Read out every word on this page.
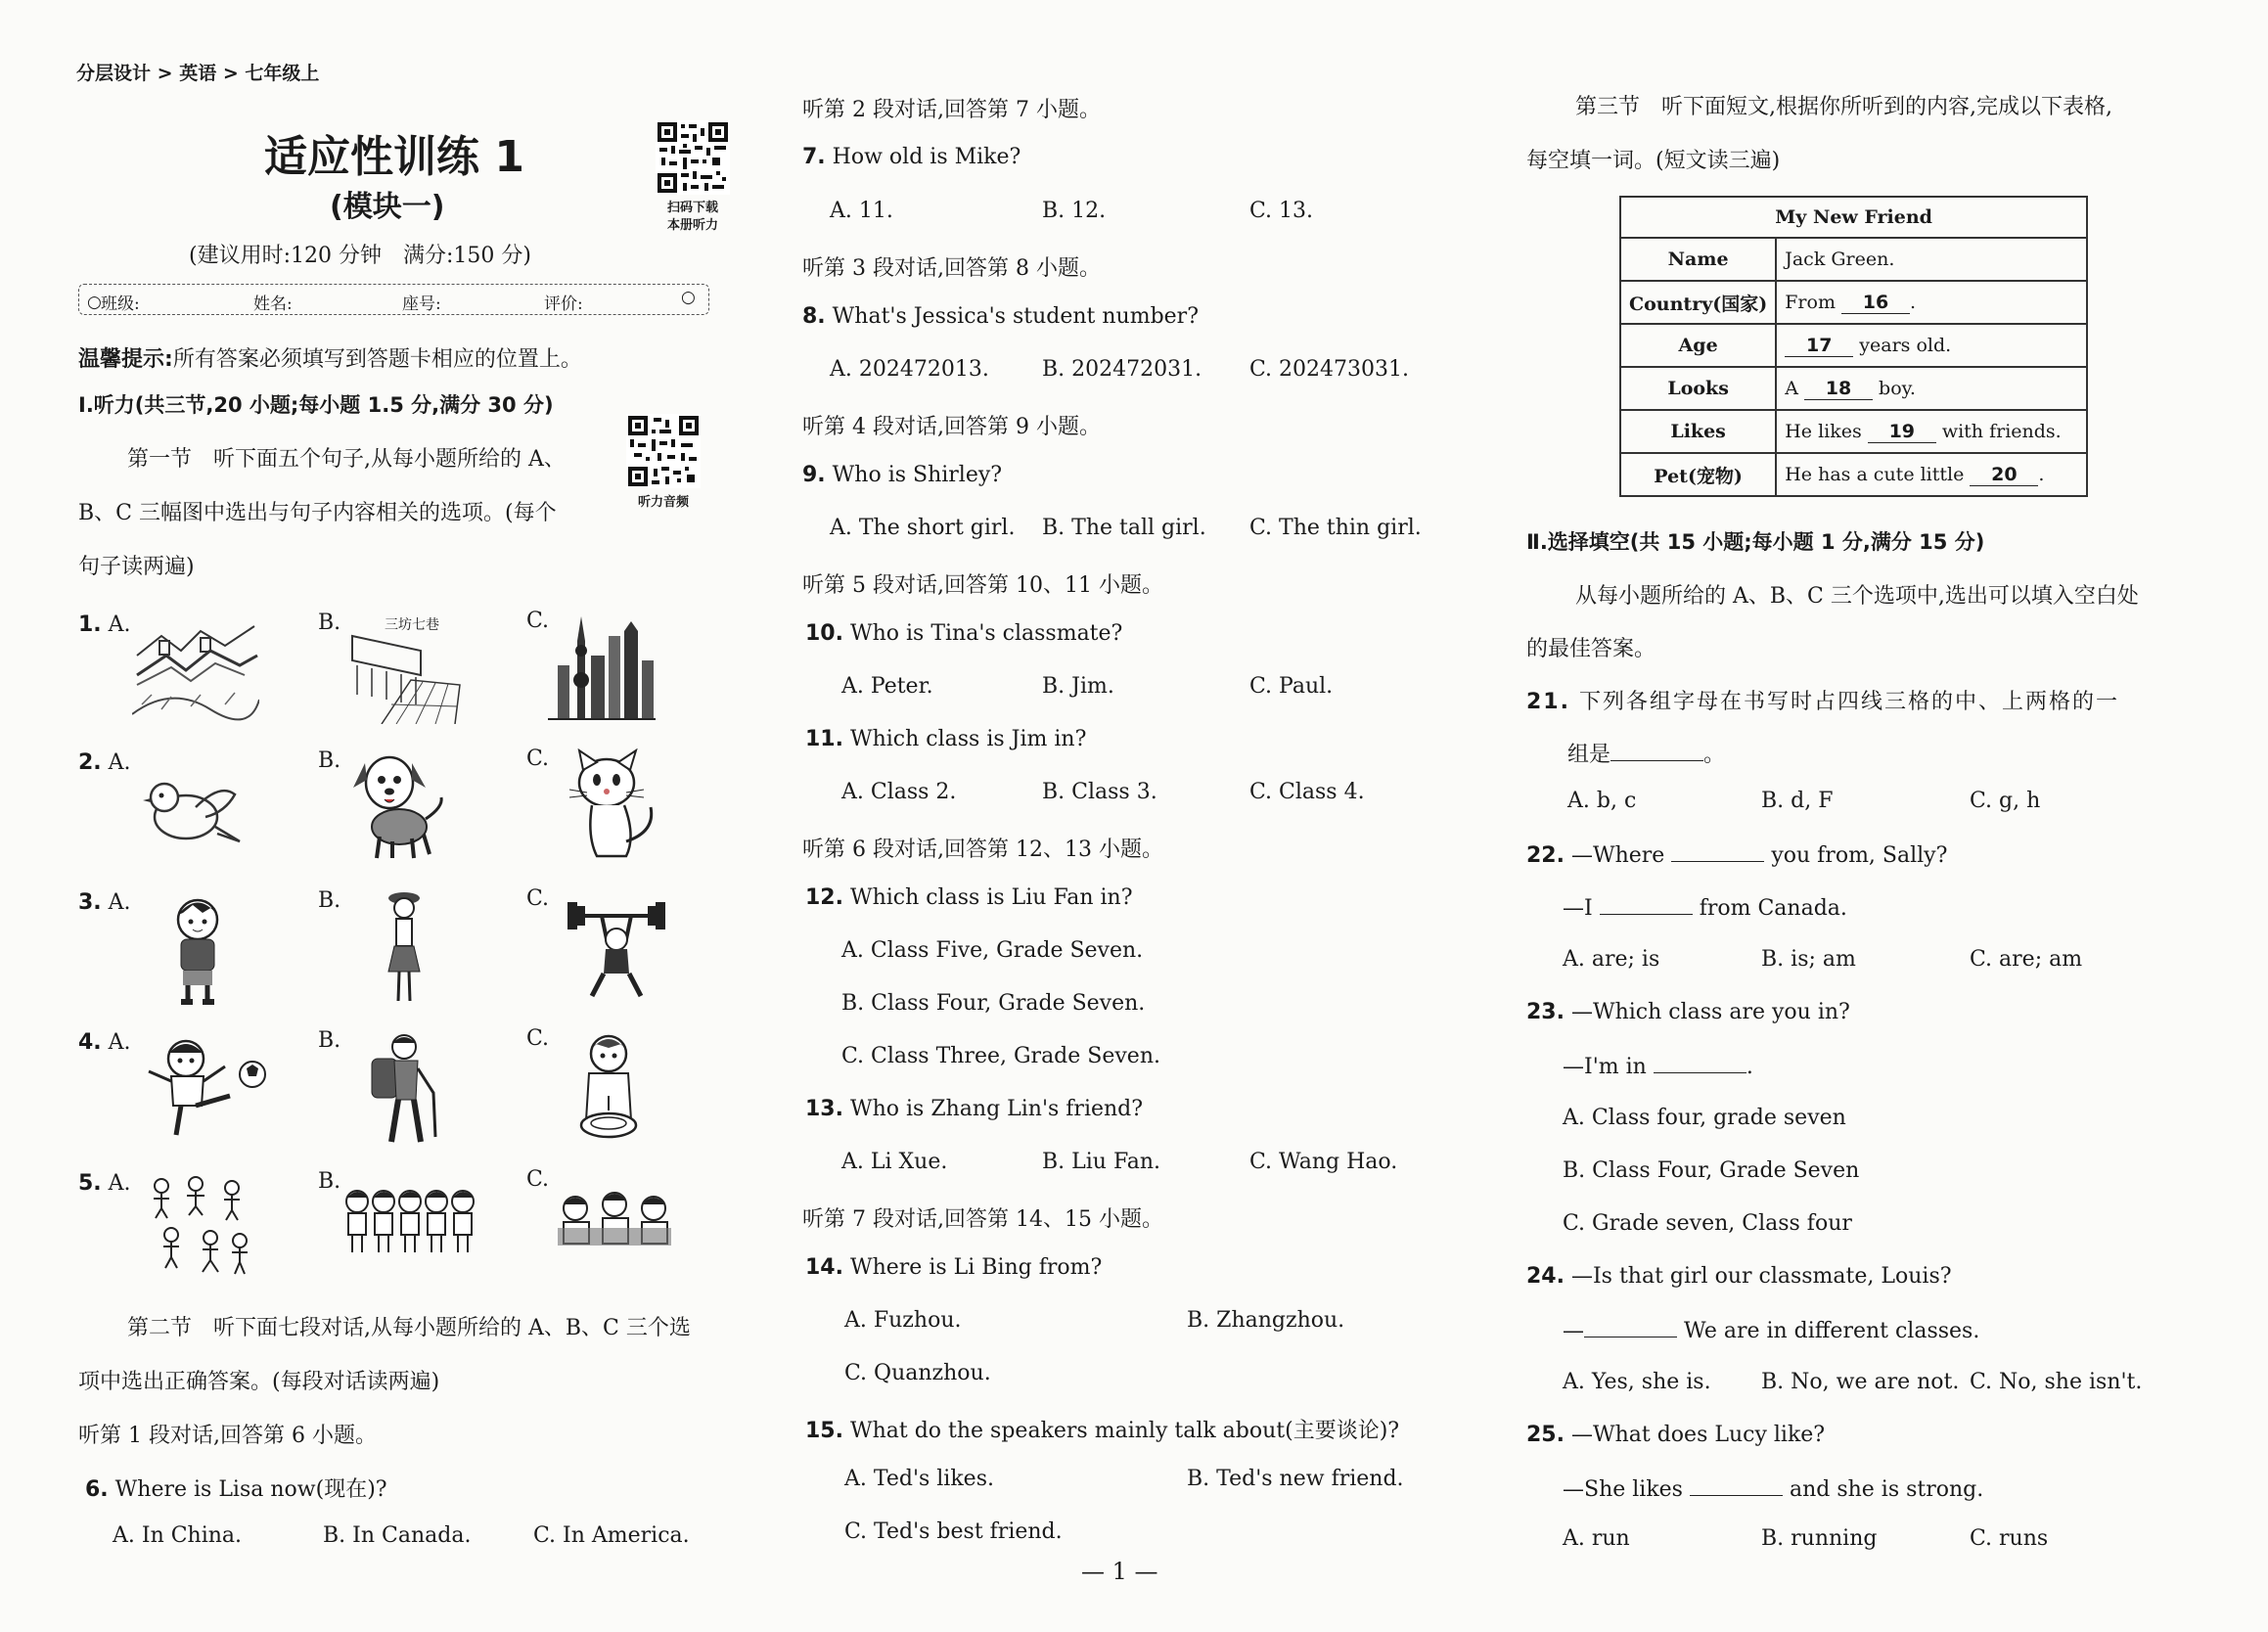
分层设计 > 英语 > 七年级上
适应性训练 1
(模块一)
(建议用时:120 分钟　满分:150 分)
扫码下载
本册听力
○ 班级:	姓名:	座号:	评价:	○
温馨提示:所有答案必须填写到答题卡相应的位置上。
Ⅰ.听力(共三节,20 小题;每小题 1.5 分,满分 30 分)
听力音频
第一节　听下面五个句子,从每小题所给的 A、
B、C 三幅图中选出与句子内容相关的选项。(每个
句子读两遍)
1. A.	B.	C.
三坊七巷
2. A.	B.	C.
3. A.	B.	C.
4. A.	B.	C.
5. A.	B.	C.
第二节　听下面七段对话,从每小题所给的 A、B、C 三个选
项中选出正确答案。(每段对话读两遍)
听第 1 段对话,回答第 6 小题。
6. Where is Lisa now(现在)?
A. In China.	B. In Canada.	C. In America.
听第 2 段对话,回答第 7 小题。
7. How old is Mike?
A. 11.	B. 12.	C. 13.
听第 3 段对话,回答第 8 小题。
8. What's Jessica's student number?
A. 202472013. B. 202472031. C. 202473031.
听第 4 段对话,回答第 9 小题。
9. Who is Shirley?
A. The short girl. B. The tall girl. C. The thin girl.
听第 5 段对话,回答第 10、11 小题。
10. Who is Tina's classmate?
A. Peter.	B. Jim.	C. Paul.
11. Which class is Jim in?
A. Class 2.	B. Class 3.	C. Class 4.
听第 6 段对话,回答第 12、13 小题。
12. Which class is Liu Fan in?
A. Class Five, Grade Seven.
B. Class Four, Grade Seven.
C. Class Three, Grade Seven.
13. Who is Zhang Lin's friend?
A. Li Xue.	B. Liu Fan.	C. Wang Hao.
听第 7 段对话,回答第 14、15 小题。
14. Where is Li Bing from?
A. Fuzhou.	B. Zhangzhou.
C. Quanzhou.
15. What do the speakers mainly talk about(主要谈论)?
A. Ted's likes.	B. Ted's new friend.
C. Ted's best friend.
— 1 —
第三节　听下面短文,根据你所听到的内容,完成以下表格,
每空填一词。(短文读三遍)
My New Friend	
Name	Jack Green.
Country(国家)	From 16 .
Age	17 years old.
Looks	A 18 boy.
Likes	He likes 19 with friends.
Pet(宠物)	He has a cute little 20 .
Ⅱ.选择填空(共 15 小题;每小题 1 分,满分 15 分)
从每小题所给的 A、B、C 三个选项中,选出可以填入空白处
的最佳答案。
21. 下列各组字母在书写时占四线三格的中、上两格的一
组是	。
A. b, c	B. d, F	C. g, h
22. —Where	you from, Sally?
—I	from Canada.
A. are; is	B. is; am	C. are; am
23. —Which class are you in?
—I'm in	.
A. Class four, grade seven
B. Class Four, Grade Seven
C. Grade seven, Class four
24. —Is that girl our classmate, Louis?
—	We are in different classes.
A. Yes, she is. B. No, we are not. C. No, she isn't.
25. —What does Lucy like?
—She likes	and she is strong.
A. run	B. running	C. runs
